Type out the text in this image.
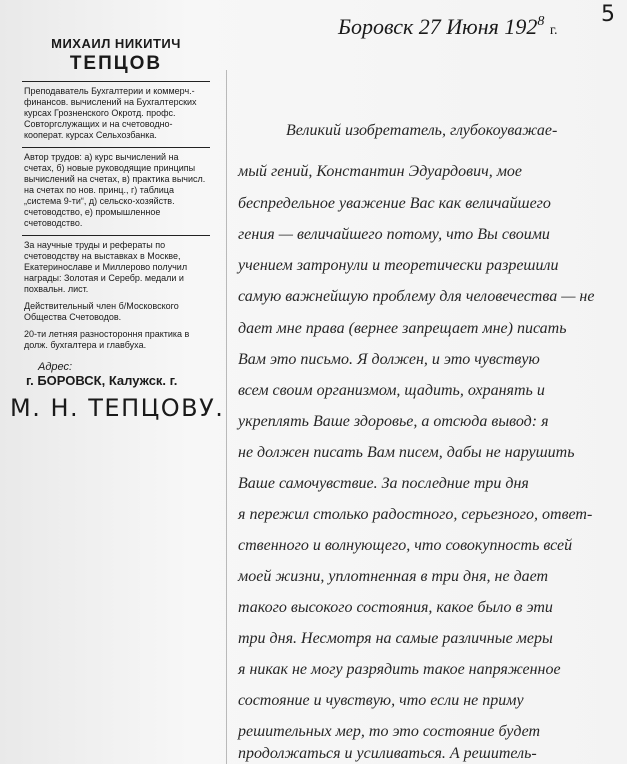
5
МИХАИЛ НИКИТИЧ
ТЕПЦОВ
Преподаватель Бухгалтерии и коммерч.-финансов. вычислений на Бухгалтерских курсах Грозненского Окротд. профс. Совторгслужащих и на счетоводно-кооперат. курсах Сельхозбанка.
Автор трудов: а) курс вычислений на счетах, б) новые руководящие принципы вычислений на счетах, в) практика вычисл. на счетах по нов. принц., г) таблица „система 9-ти“, д) сельско-хозяйств. счетоводство, е) промышленное счетоводство.
За научные труды и рефераты по счетоводству на выставках в Москве, Екатеринославе и Миллерово получил награды: Золотая и Серебр. медали и похвальн. лист.
Действительный член б/Московского Общества Счетоводов.
20-ти летняя разностороння практика в долж. бухгалтера и главбуха.
Адрес:
г. БОРОВСК, Калужск. г.
М. Н. ТЕПЦОВУ.
Боровск 27 Июня $192^8$ г.
Великий изобретатель, глубокоуважае-
мый гений, Константин Эдуардович, мое
беспредельное уважение Вас как величайшего
гения — величайшего потому, что Вы своими
учением затронули и теоретически разрешили
самую важнейшую проблему для человечества — не
дает мне права (вернее запрещает мне) писать
Вам это письмо. Я должен, и это чувствую
всем своим организмом, щадить, охранять и
укреплять Ваше здоровье, а отсюда вывод: я
не должен писать Вам писем, дабы не нарушить
Ваше самочувствие. За последние три дня
я пережил столько радостного, серьезного, ответ-
ственного и волнующего, что совокупность всей
моей жизни, уплотненная в три дня, не дает
такого высокого состояния, какое было в эти
три дня. Несмотря на самые различные меры
я никак не могу разрядить такое напряженное
состояние и чувствую, что если не приму
решительных мер, то это состояние будет
продолжаться и усиливаться. А решитель-
